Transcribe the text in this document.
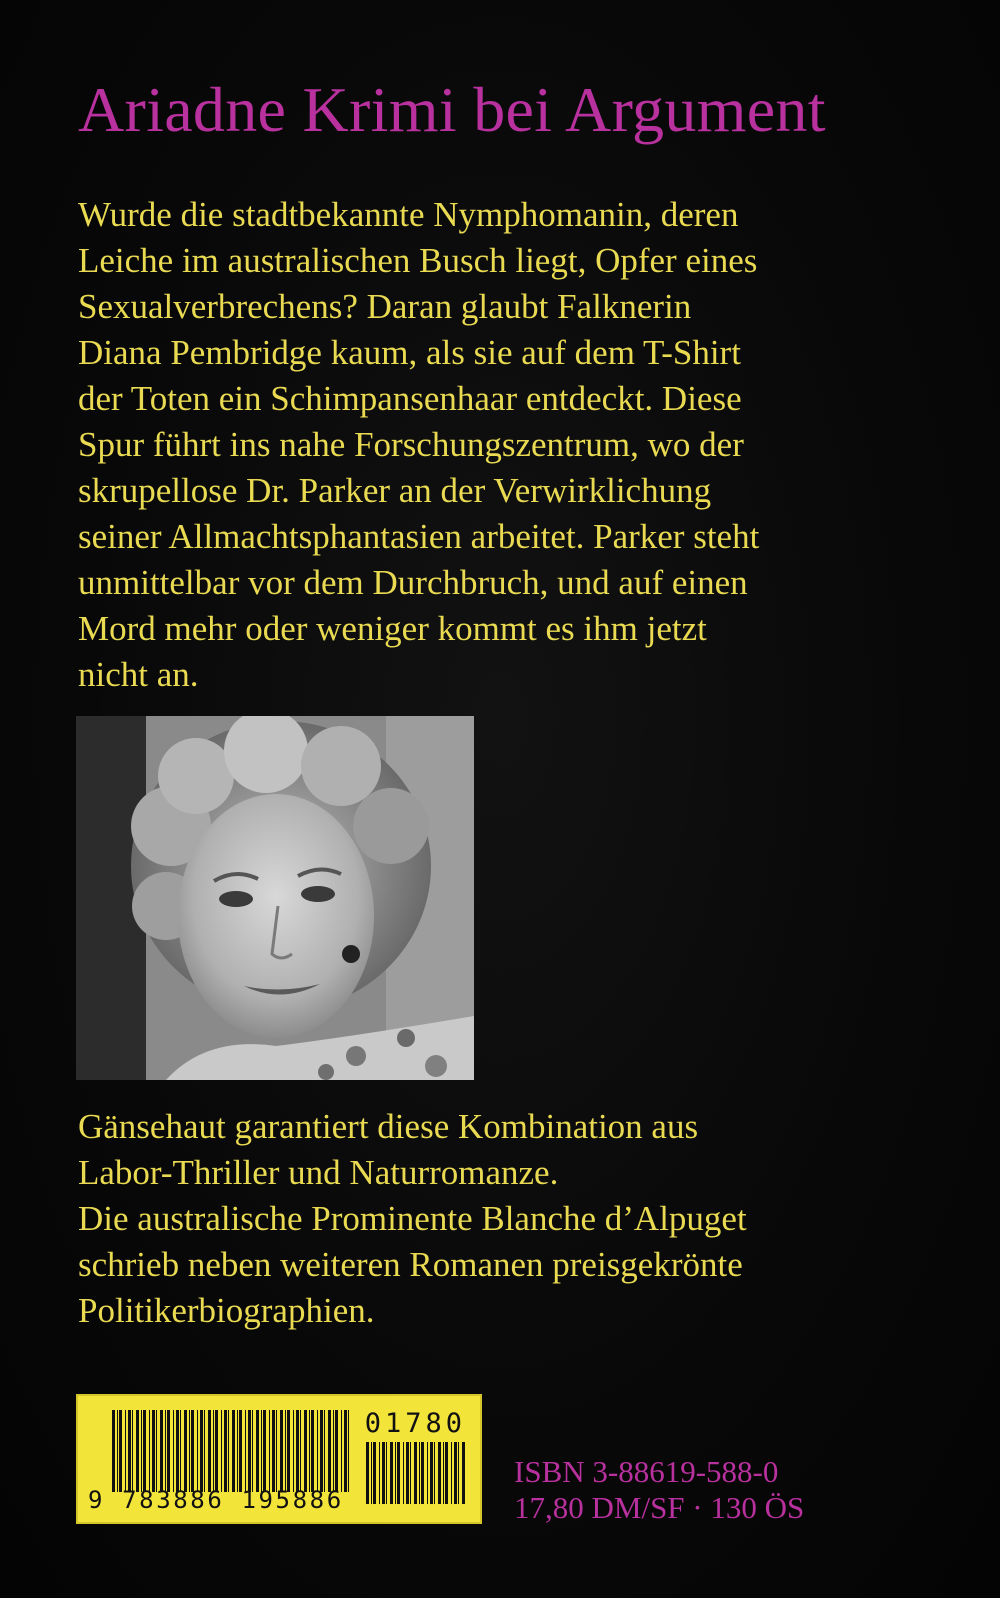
Ariadne Krimi bei Argument

Wurde die stadtbekannte Nymphomanin, deren
Leiche im australischen Busch liegt, Opfer eines
Sexualverbrechens? Daran glaubt Falknerin
Diana Pembridge kaum, als sie auf dem T-Shirt
der Toten ein Schimpansenhaar entdeckt. Diese
Spur führt ins nahe Forschungszentrum, wo der
skrupellose Dr. Parker an der Verwirklichung
seiner Allmachtsphantasien arbeitet. Parker steht
unmittelbar vor dem Durchbruch, und auf einen
Mord mehr oder weniger kommt es ihm jetzt
nicht an.

Gänsehaut garantiert diese Kombination aus
Labor-Thriller und Naturromanze.
Die australische Prominente Blanche d’Alpuget
schrieb neben weiteren Romanen preisgekrönte
Politikerbiographien.

01780
9 783886 195886

ISBN 3-88619-588-0

17,80 DM/SF · 130 ÖS
